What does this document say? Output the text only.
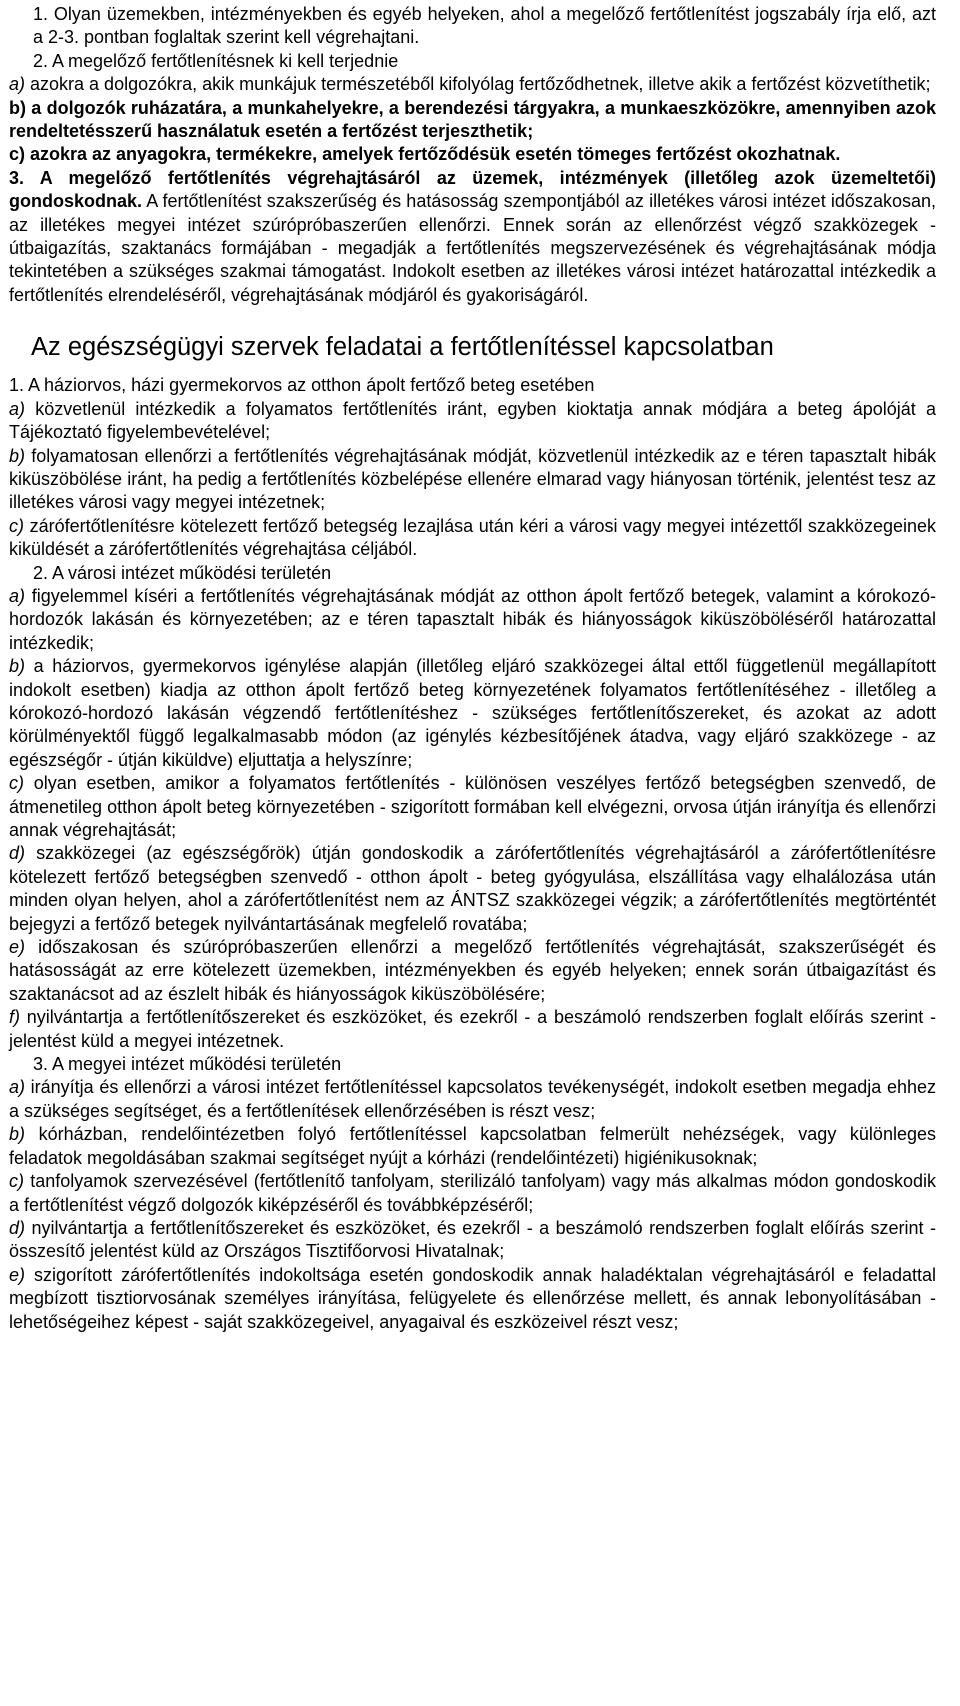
1. Olyan üzemekben, intézményekben és egyéb helyeken, ahol a megelőző fertőtlenítést jogszabály írja elő, azt a 2-3. pontban foglaltak szerint kell végrehajtani.

2. A megelőző fertőtlenítésnek ki kell terjednie

a) azokra a dolgozókra, akik munkájuk természetéből kifolyólag fertőződhetnek, illetve akik a fertőzést közvetíthetik;

b) a dolgozók ruházatára, a munkahelyekre, a berendezési tárgyakra, a munkaeszközökre, amennyiben azok rendeltetésszerű használatuk esetén a fertőzést terjeszthetik;

c) azokra az anyagokra, termékekre, amelyek fertőződésük esetén tömeges fertőzést okozhatnak.

3. A megelőző fertőtlenítés végrehajtásáról az üzemek, intézmények (illetőleg azok üzemeltetői) gondoskodnak. A fertőtlenítést szakszerűség és hatásosság szempontjából az illetékes városi intézet időszakosan, az illetékes megyei intézet szúrópróbaszerűen ellenőrzi. Ennek során az ellenőrzést végző szakközegek - útbaigazítás, szaktanács formájában - megadják a fertőtlenítés megszervezésének és végrehajtásának módja tekintetében a szükséges szakmai támogatást. Indokolt esetben az illetékes városi intézet határozattal intézkedik a fertőtlenítés elrendeléséről, végrehajtásának módjáról és gyakoriságáról.

Az egészségügyi szervek feladatai a fertőtlenítéssel kapcsolatban

1. A háziorvos, házi gyermekorvos az otthon ápolt fertőző beteg esetében

a) közvetlenül intézkedik a folyamatos fertőtlenítés iránt, egyben kioktatja annak módjára a beteg ápolóját a Tájékoztató figyelembevételével;

b) folyamatosan ellenőrzi a fertőtlenítés végrehajtásának módját, közvetlenül intézkedik az e téren tapasztalt hibák kiküszöbölése iránt, ha pedig a fertőtlenítés közbelépése ellenére elmarad vagy hiányosan történik, jelentést tesz az illetékes városi vagy megyei intézetnek;

c) zárófertőtlenítésre kötelezett fertőző betegség lezajlása után kéri a városi vagy megyei intézettől szakközegeinek kiküldését a zárófertőtlenítés végrehajtása céljából.

2. A városi intézet működési területén

a) figyelemmel kíséri a fertőtlenítés végrehajtásának módját az otthon ápolt fertőző betegek, valamint a kórokozó-hordozók lakásán és környezetében; az e téren tapasztalt hibák és hiányosságok kiküszöböléséről határozattal intézkedik;

b) a háziorvos, gyermekorvos igénylése alapján (illetőleg eljáró szakközegei által ettől függetlenül megállapított indokolt esetben) kiadja az otthon ápolt fertőző beteg környezetének folyamatos fertőtlenítéséhez - illetőleg a kórokozó-hordozó lakásán végzendő fertőtlenítéshez - szükséges fertőtlenítőszereket, és azokat az adott körülményektől függő legalkalmasabb módon (az igénylés kézbesítőjének átadva, vagy eljáró szakközege - az egészségőr - útján kiküldve) eljuttatja a helyszínre;

c) olyan esetben, amikor a folyamatos fertőtlenítés - különösen veszélyes fertőző betegségben szenvedő, de átmenetileg otthon ápolt beteg környezetében - szigorított formában kell elvégezni, orvosa útján irányítja és ellenőrzi annak végrehajtását;

d) szakközegei (az egészségőrök) útján gondoskodik a zárófertőtlenítés végrehajtásáról a zárófertőtlenítésre kötelezett fertőző betegségben szenvedő - otthon ápolt - beteg gyógyulása, elszállítása vagy elhalálozása után minden olyan helyen, ahol a zárófertőtlenítést nem az ÁNTSZ szakközegei végzik; a zárófertőtlenítés megtörténtét bejegyzi a fertőző betegek nyilvántartásának megfelelő rovatába;

e) időszakosan és szúrópróbaszerűen ellenőrzi a megelőző fertőtlenítés végrehajtását, szakszerűségét és hatásosságát az erre kötelezett üzemekben, intézményekben és egyéb helyeken; ennek során útbaigazítást és szaktanácsot ad az észlelt hibák és hiányosságok kiküszöbölésére;

f) nyilvántartja a fertőtlenítőszereket és eszközöket, és ezekről - a beszámoló rendszerben foglalt előírás szerint - jelentést küld a megyei intézetnek.

3. A megyei intézet működési területén

a) irányítja és ellenőrzi a városi intézet fertőtlenítéssel kapcsolatos tevékenységét, indokolt esetben megadja ehhez a szükséges segítséget, és a fertőtlenítések ellenőrzésében is részt vesz;

b) kórházban, rendelőintézetben folyó fertőtlenítéssel kapcsolatban felmerült nehézségek, vagy különleges feladatok megoldásában szakmai segítséget nyújt a kórházi (rendelőintézeti) higiénikusoknak;

c) tanfolyamok szervezésével (fertőtlenítő tanfolyam, sterilizáló tanfolyam) vagy más alkalmas módon gondoskodik a fertőtlenítést végző dolgozók kiképzéséről és továbbképzéséről;

d) nyilvántartja a fertőtlenítőszereket és eszközöket, és ezekről - a beszámoló rendszerben foglalt előírás szerint - összesítő jelentést küld az Országos Tisztifőorvosi Hivatalnak;

e) szigorított zárófertőtlenítés indokoltsága esetén gondoskodik annak haladéktalan végrehajtásáról e feladattal megbízott tisztiorvosának személyes irányítása, felügyelete és ellenőrzése mellett, és annak lebonyolításában - lehetőségeihez képest - saját szakközegeivel, anyagaival és eszközeivel részt vesz;
